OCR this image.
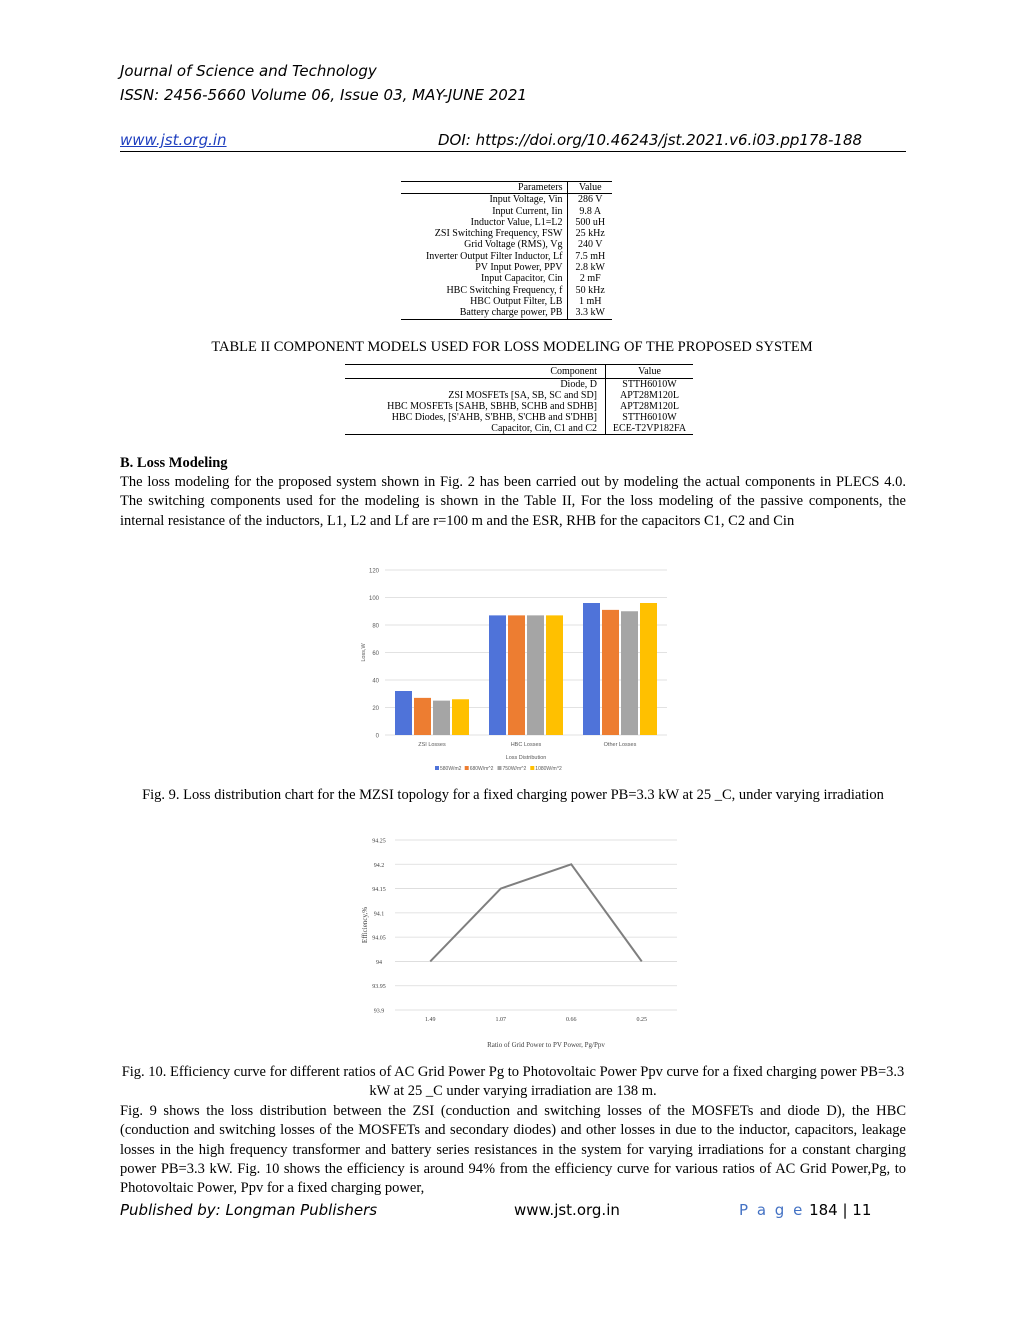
Journal of Science and Technology
ISSN: 2456-5660 Volume 06, Issue 03, MAY-JUNE 2021
www.jst.org.in	DOI: https://doi.org/10.46243/jst.2021.v6.i03.pp178-188
Parameters	Value
Input Voltage, Vin	286 V
Input Current, Iin	9.8 A
Inductor Value, L1=L2	500 uH
ZSI Switching Frequency, FSW	25 kHz
Grid Voltage (RMS), Vg	240 V
Inverter Output Filter Inductor, Lf	7.5 mH
PV Input Power, PPV	2.8 kW
Input Capacitor, Cin	2 mF
HBC Switching Frequency, f	50 kHz
HBC Output Filter, LB	1 mH
Battery charge power, PB	3.3 kW
TABLE II COMPONENT MODELS USED FOR LOSS MODELING OF THE PROPOSED SYSTEM
Component	Value
Diode, D	STTH6010W
ZSI MOSFETs [SA, SB, SC and SD]	APT28M120L
HBC MOSFETs [SAHB, SBHB, SCHB and SDHB]	APT28M120L
HBC Diodes, [S'AHB, S'BHB, S'CHB and S'DHB]	STTH6010W
Capacitor, Cin, C1 and C2	ECE-T2VP182FA
B. Loss Modeling
The loss modeling for the proposed system shown in Fig. 2 has been carried out by modeling the actual components in PLECS 4.0. The switching components used for the modeling is shown in the Table II, For the loss modeling of the passive components, the internal resistance of the inductors, L1, L2 and Lf are r=100 m and the ESR, RHB for the capacitors C1, C2 and Cin
0
20
40
60
80
100
120
ZSI Losses	HBC Losses	Other Losses
Loss Distribution
Loss,W
580W/m2 680W/m^2 750W/m^2 1080W/m^2
Fig. 9. Loss distribution chart for the MZSI topology for a fixed charging power PB=3.3 kW at 25 _C, under varying irradiation
93.9
93.95
94
94.05
94.1
94.15
94.2
94.25
1.49	1.07	0.66	0.25
Ratio of Grid Power to PV Power, Pg/Ppv
Efficiency,%
Fig. 10. Efficiency curve for different ratios of AC Grid Power Pg to Photovoltaic Power Ppv curve for a fixed charging power PB=3.3 kW at 25 _C under varying irradiation are 138 m.
Fig. 9 shows the loss distribution between the ZSI (conduction and switching losses of the MOSFETs and diode D), the HBC (conduction and switching losses of the MOSFETs and secondary diodes) and other losses in due to the inductor, capacitors, leakage losses in the high frequency transformer and battery series resistances in the system for varying irradiations for a constant charging power PB=3.3 kW. Fig. 10 shows the efficiency is around 94% from the efficiency curve for various ratios of AC Grid Power,Pg, to Photovoltaic Power, Ppv for a fixed charging power,
Published by: Longman Publishers	www.jst.org.in	P a g e 184 | 11
